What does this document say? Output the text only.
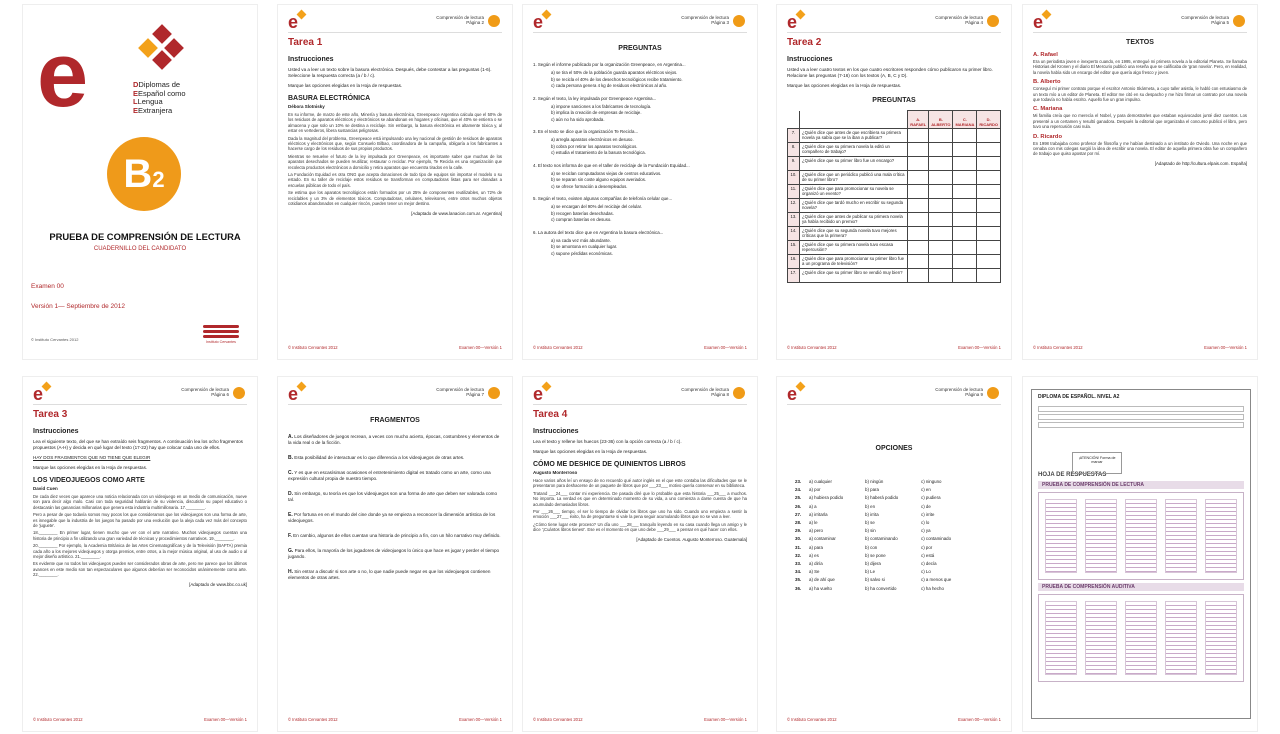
e	DDiplomas de
EEspañol como
LLengua
EExtranjera
B2
PRUEBA DE COMPRENSIÓN DE LECTURA
CUADERNILLO DEL CANDIDATO
Examen 00
Versión 1— Septiembre de 2012
Instituto Cervantes
© Instituto Cervantes 2012
e	Comprensión de lectura
Página 2
Tarea 1
Instrucciones
Usted va a leer un texto sobre la basura electrónica. Después, debe contestar a las preguntas (1-6). Seleccione la respuesta correcta (a / b / c).
Marque las opciones elegidas en la Hoja de respuestas.
BASURA ELECTRÓNICA
Débora Slotnisky
En su informe, de marzo de este año, Minería y basura electrónica, Greenpeace Argentina calcula que el 50% de los residuos de aparatos eléctricos y electrónicos se abandonan en hogares y oficinas, que el 40% se entierra o se almacena y que solo un 10% se destina a reciclaje. Sin embargo, la basura electrónica es altamente tóxica y, al estar en vertederos, libera sustancias peligrosas.
Dada la magnitud del problema, Greenpeace está impulsando una ley nacional de gestión de residuos de aparatos eléctricos y electrónicos que, según Consuelo Bilbao, coordinadora de la campaña, obligaría a los fabricantes a hacerse cargo de los residuos de sus propios productos.
Mientras se resuelve el futuro de la ley impulsada por Greenpeace, es importante saber que muchas de los aparatos desechados se pueden reutilizar, restaurar o reciclar. Por ejemplo, Te Recicla es una organización que recolecta productos electrónicos a domicilio y retira aparatos que encuentra tirados en la calle.
La Fundación Equidad es otra ONG que acepta donaciones de todo tipo de equipos sin importar el modelo o su estado. En su taller de reciclaje estos residuos se transforman en computadoras listas para ser donadas a escuelas públicas de todo el país.
Se estima que los aparatos tecnológicos están formados por un 25% de componentes reutilizables, un 72% de reciclables y un 3% de elementos tóxicos. Computadoras, celulares, televisores, entre otros muchos objetos cotidianos abandonados en cualquier rincón, pueden tener un mejor destino.
[Adaptado de www.lanacion.com.ar. Argentina]
© Instituto Cervantes 2012	Examen 00—Versión 1
e	Comprensión de lectura
Página 3
PREGUNTAS
1. Según el informe publicado por la organización Greenpeace, en Argentina...
a) se tira el 50% de la población guarda aparatos eléctricos viejos.
b) se recicla el 40% de los desechos tecnológicos recibe tratamiento.
c) cada persona genera 4 kg de residuos electrónicos al año.
2. Según el texto, la ley impulsada por Greenpeace Argentina...
a) impone sanciones a los fabricantes de tecnología.
b) implica la creación de empresas de reciclaje.
c) aún no ha sido aprobada.
3. En el texto se dice que la organización Te Recicla...
a) arregla aparatos electrónicos en desuso.
b) cobra por retirar los aparatos tecnológicos.
c) estudia el tratamiento de la basura tecnológica.
4. El texto nos informa de que en el taller de reciclaje de la Fundación Equidad...
a) se reciclan computadoras viejas de centros educativos.
b) se reparan sin coste alguno equipos averiados.
c) se ofrece formación a desempleados.
5. Según el texto, existen algunas compañías de telefonía celular que...
a) se encargan del 90% del reciclaje del celular.
b) recogen baterías desechadas.
c) compran baterías en desuso.
6. La autora del texto dice que en Argentina la basura electrónica...
a) va cada vez más abundante.
b) se amontona en cualquier lugar.
c) supone pérdidas económicas.
© Instituto Cervantes 2012	Examen 00—Versión 1
e	Comprensión de lectura
Página 4
Tarea 2
Instrucciones
Usted va a leer cuatro textos en los que cuatro escritores responden cómo publicaron su primer libro. Relacione las preguntas (7-16) con los textos (A, B, C y D).
Marque las opciones elegidas en la Hoja de respuestas.
PREGUNTAS
		A. RAFAEL	B. ALBERTO	C. MARIANA	D. RICARDO
7.	¿Quién dice que antes de que escribiera su primera novela ya sabía que se la iban a publicar?				
8.	¿Quién dice que su primera novela la editó un compañero de trabajo?				
9.	¿Quién dice que su primer libro fue un encargo?				
10.	¿Quién dice que un periódico publicó una mala crítica de su primer libro?				
11.	¿Quién dice que para promocionar su novela se organizó un evento?				
12.	¿Quién dice que tardó mucho en escribir su segunda novela?				
13.	¿Quién dice que antes de publicar su primera novela ya había recibido un premio?				
14.	¿Quién dice que su segunda novela tuvo mejores críticas que la primera?				
15.	¿Quién dice que su primera novela tuvo escasa repercusión?				
16.	¿Quién dice que para promocionar su primer libro fue a un programa de televisión?				
17.	¿Quién dice que su primer libro se vendió muy bien?				
© Instituto Cervantes 2012	Examen 00—Versión 1
e	Comprensión de lectura
Página 5
TEXTOS
A. Rafael
Era un periodista joven e inexperto cuando, en 1995, entregué mi primera novela a la editorial Planeta. Se llamaba Historias del Kronen y el diario El Mercurio publicó una reseña que se calificaba de 'gran novela'. Pero, en realidad, la novela había sido un encargo del editor que quería algo fresco y joven.
B. Alberto
Conseguí mi primer contrato porque el escritor Antonio Skármeta, a cuyo taller asistía, le habló con entusiasmo de un texto mío a un editor de Planeta. El editor me citó en su despacho y me hizo firmar un contrato por una novela que todavía no había escrito. Aquello fue un gran impulso.
C. Mariana
Mi familia creía que no merecía el Nobel, y para demostrarles que estaban equivocados junté diez cuentos. Los presenté a un certamen y resultó ganadora. Después la editorial que organizaba el concurso publicó el libro, pero tuvo una repercusión casi nula.
D. Ricardo
En 1998 trabajaba como profesor de filosofía y me habían destinado a un instituto de Oviedo. Una noche en que cenaba con mis colegas surgió la idea de escribir una novela. El editor de aquella primera obra fue un compañero de trabajo que quiso apostar por mí.
[Adaptado de http://cultura.elpais.com. España]
© Instituto Cervantes 2012	Examen 00—Versión 1
e	Comprensión de lectura
Página 6
Tarea 3
Instrucciones
Lea el siguiente texto, del que se han extraído seis fragmentos. A continuación lea los ocho fragmentos propuestos (A-H) y decida en qué lugar del texto (17-22) hay que colocar cada uno de ellos.
HAY DOS FRAGMENTOS QUE NO TIENE QUE ELEGIR
Marque las opciones elegidas en la Hoja de respuestas.
LOS VIDEOJUEGOS COMO ARTE
David Cuen
De cada diez veces que aparece una noticia relacionada con un videojuego en un medio de comunicación, nueve son para decir algo malo. Casi con toda seguridad hablarán de su violencia, discutirán su papel educativo o destacarán las ganancias millonarias que genera esta industria multimillonaria. 17.________.
Pero a pesar de que todavía somos muy pocos los que consideramos que los videojuegos son una forma de arte, es innegable que la industria de los juegos ha pasado por una evolución que la aleja cada vez más del concepto de 'juguete'.
18.________ En primer lugar, tienen mucho que ver con el arte narrativo. Muchos videojuegos cuentan una historia de principio a fin utilizando una gran variedad de técnicas y procedimientos narrativos. 19.________.
20.________ Por ejemplo, la Academia Británica de las Artes Cinematográficas y de la Televisión (BAFTA) premia cada año a los mejores videojuegos y otorga premios, entre otros, a la mejor música original, al uso de audio o al mejor diseño artístico. 21.________.
Es evidente que no todos los videojuegos pueden ser considerados obras de arte, pero me parece que los últimos avances en este medio son tan espectaculares que algunos deberían ser reconocidos unánimemente como arte. 22.________.
[Adaptado de www.bbc.co.uk]
© Instituto Cervantes 2012	Examen 00—Versión 1
e	Comprensión de lectura
Página 7
FRAGMENTOS
A. Los diseñadores de juegos recrean, a veces con mucho acierto, épocas, costumbres y elementos de la vida real o de la ficción.
B. Esta posibilidad de interactuar es lo que diferencia a los videojuegos de otras artes.
C. Y es que en escasísimas ocasiones el entretenimiento digital es tratado como un arte, como una expresión cultural propia de nuestro tiempo.
D. Sin embargo, su teoría es que los videojuegos son una forma de arte que deben ser valorada como tal.
E. Por fortuna en en el mundo del cine donde ya se empieza a reconocer la dimensión artística de los videojuegos.
F. En cambio, algunos de ellos cuentan una historia de principio a fin, con un hilo narrativo muy definido.
G. Para ellos, la mayoría de los jugadores de videojuegos lo único que hace es jugar y perder el tiempo jugando.
H. Sin entrar a discutir si son arte o no, lo que nadie puede negar es que los videojuegos contienen elementos de otras artes.
© Instituto Cervantes 2012	Examen 00—Versión 1
e	Comprensión de lectura
Página 8
Tarea 4
Instrucciones
Lea el texto y rellene los huecos (23-36) con la opción correcta (a / b / c).
Marque las opciones elegidas en la Hoja de respuestas.
CÓMO ME DESHICE DE QUINIENTOS LIBROS
Augusto Monterroso
Hace varios años leí un ensayo de no recuerdo qué autor inglés en el que este contaba las dificultades que se le presentaron para deshacerse de un paquete de libros que por ___23___ motivo quería conservar en su biblioteca.
Tratand ___24___ contar mi experiencia. De pasada diré que lo probable que esta historia ___25___ a muchos. No importa. La verdad es que en determinado momento de su vida, a uno comienza a darse cuenta de que ha acumulado demasiados libros.
Por ___26___ tiempo, el ser lo tiempo de olvidar los libros que uno ha sido. Cuando uno empieza a sentir la emoción ___27___ éxito, ha de preguntarse si vale la pena seguir acumulando libros que no se van a leer.
¿Cómo tiene lugar este proceso? Un día uno ___28___ tranquilo leyendo en su casa cuando llega un amigo y le dice '¡Cuántos libros tienes!'. Ese es el momento en que uno debe ___29___ a pensar en qué hacer con ellos.
[Adaptado de Cuentos. Augusto Monterroso. Guatemala]
© Instituto Cervantes 2012	Examen 00—Versión 1
e	Comprensión de lectura
Página 9
OPCIONES
23.	a) cualquier	b) ningún	c) ninguno
24.	a) por	b) para	c) en
25.	a) hubiera podido	b) haberá podido	c) pudiera
26.	a) a	b) en	c) de
27.	a) irritarla	b) irrita	c) irrite
28.	a) le	b) se	c) lo
29.	a) pero	b) sin	c) ya
30.	a) contaminar	b) contaminando	c) contaminado
31.	a) para	b) con	c) por
32.	a) es	b) se pone	c) está
33.	a) diría	b) dijera	c) decía
34.	a) Se	b) Le	c) Lo
35.	a) de ahí que	b) salvo si	c) a menos que
36.	a) ha vuelto	b) ha convertido	c) ha hecho
© Instituto Cervantes 2012	Examen 00—Versión 1
DIPLOMA DE ESPAÑOL. NIVEL A2
¡ATENCIÓN! Forma de marcar
HOJA DE RESPUESTAS
PRUEBA DE COMPRENSIÓN DE LECTURA
PRUEBA DE COMPRENSIÓN AUDITIVA
